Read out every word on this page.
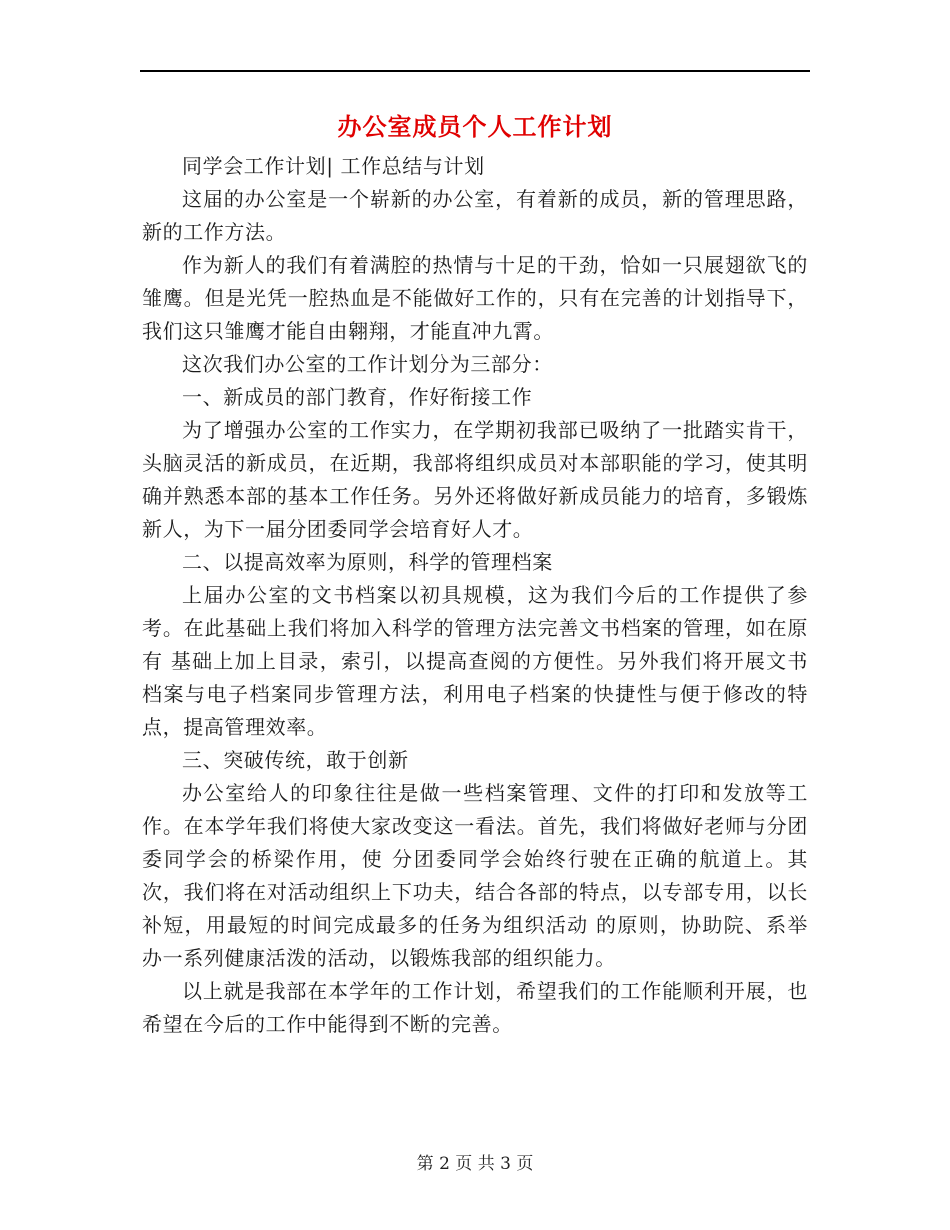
办公室成员个人工作计划

同学会工作计划| 工作总结与计划

这届的办公室是一个崭新的办公室，有着新的成员，新的管理思路，新的工作方法。

作为新人的我们有着满腔的热情与十足的干劲，恰如一只展翅欲飞的雏鹰。但是光凭一腔热血是不能做好工作的，只有在完善的计划指导下，我们这只雏鹰才能自由翱翔，才能直冲九霄。

这次我们办公室的工作计划分为三部分：

一、新成员的部门教育，作好衔接工作

为了增强办公室的工作实力，在学期初我部已吸纳了一批踏实肯干，头脑灵活的新成员，在近期，我部将组织成员对本部职能的学习，使其明确并熟悉本部的基本工作任务。另外还将做好新成员能力的培育，多锻炼新人，为下一届分团委同学会培育好人才。

二、以提高效率为原则，科学的管理档案

上届办公室的文书档案以初具规模，这为我们今后的工作提供了参考。在此基础上我们将加入科学的管理方法完善文书档案的管理，如在原有 基础上加上目录，索引，以提高查阅的方便性。另外我们将开展文书档案与电子档案同步管理方法，利用电子档案的快捷性与便于修改的特点，提高管理效率。

三、突破传统，敢于创新

办公室给人的印象往往是做一些档案管理、文件的打印和发放等工作。在本学年我们将使大家改变这一看法。首先，我们将做好老师与分团委同学会的桥梁作用，使 分团委同学会始终行驶在正确的航道上。其次，我们将在对活动组织上下功夫，结合各部的特点，以专部专用，以长补短，用最短的时间完成最多的任务为组织活动 的原则，协助院、系举办一系列健康活泼的活动，以锻炼我部的组织能力。

以上就是我部在本学年的工作计划，希望我们的工作能顺利开展，也希望在今后的工作中能得到不断的完善。

第 2 页 共 3 页
